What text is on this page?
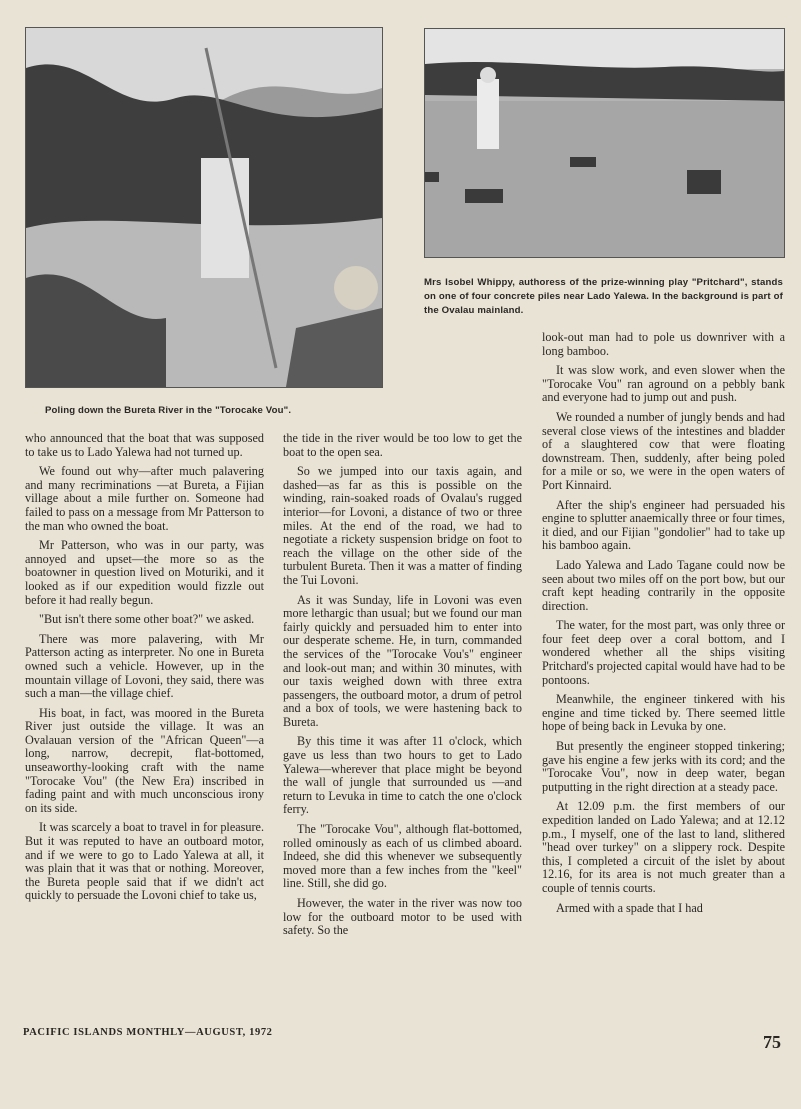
Mrs Isobel Whippy, authoress of the prize-winning play "Pritchard", stands on one of four concrete piles near Lado Yalewa. In the background is part of the Ovalau mainland.
Poling down the Bureta River in the "Torocake Vou".

who announced that the boat that was supposed to take us to Lado Yalewa had not turned up.

We found out why—after much palavering and many recriminations —at Bureta, a Fijian village about a mile further on. Someone had failed to pass on a message from Mr Patterson to the man who owned the boat.

Mr Patterson, who was in our party, was annoyed and upset—the more so as the boatowner in question lived on Moturiki, and it looked as if our expedition would fizzle out before it had really begun.

"But isn't there some other boat?" we asked.

There was more palavering, with Mr Patterson acting as interpreter. No one in Bureta owned such a vehicle. However, up in the mountain village of Lovoni, they said, there was such a man—the village chief.

His boat, in fact, was moored in the Bureta River just outside the village. It was an Ovalauan version of the "African Queen"—a long, narrow, decrepit, flat-bottomed, unseaworthy-looking craft with the name "Torocake Vou" (the New Era) inscribed in fading paint and with much unconscious irony on its side.

It was scarcely a boat to travel in for pleasure. But it was reputed to have an outboard motor, and if we were to go to Lado Yalewa at all, it was plain that it was that or nothing. Moreover, the Bureta people said that if we didn't act quickly to persuade the Lovoni chief to take us,

the tide in the river would be too low to get the boat to the open sea.

So we jumped into our taxis again, and dashed—as far as this is possible on the winding, rain-soaked roads of Ovalau's rugged interior—for Lovoni, a distance of two or three miles. At the end of the road, we had to negotiate a rickety suspension bridge on foot to reach the village on the other side of the turbulent Bureta. Then it was a matter of finding the Tui Lovoni.

As it was Sunday, life in Lovoni was even more lethargic than usual; but we found our man fairly quickly and persuaded him to enter into our desperate scheme. He, in turn, commanded the services of the "Torocake Vou's" engineer and look-out man; and within 30 minutes, with our taxis weighed down with three extra passengers, the outboard motor, a drum of petrol and a box of tools, we were hastening back to Bureta.

By this time it was after 11 o'clock, which gave us less than two hours to get to Lado Yalewa—wherever that place might be beyond the wall of jungle that surrounded us —and return to Levuka in time to catch the one o'clock ferry.

The "Torocake Vou", although flat-bottomed, rolled ominously as each of us climbed aboard. Indeed, she did this whenever we subsequently moved more than a few inches from the "keel" line. Still, she did go.

However, the water in the river was now too low for the outboard motor to be used with safety. So the

look-out man had to pole us downriver with a long bamboo.

It was slow work, and even slower when the "Torocake Vou" ran aground on a pebbly bank and everyone had to jump out and push.

We rounded a number of jungly bends and had several close views of the intestines and bladder of a slaughtered cow that were floating downstream. Then, suddenly, after being poled for a mile or so, we were in the open waters of Port Kinnaird.

After the ship's engineer had persuaded his engine to splutter anaemically three or four times, it died, and our Fijian "gondolier" had to take up his bamboo again.

Lado Yalewa and Lado Tagane could now be seen about two miles off on the port bow, but our craft kept heading contrarily in the opposite direction.

The water, for the most part, was only three or four feet deep over a coral bottom, and I wondered whether all the ships visiting Pritchard's projected capital would have had to be pontoons.

Meanwhile, the engineer tinkered with his engine and time ticked by. There seemed little hope of being back in Levuka by one.

But presently the engineer stopped tinkering; gave his engine a few jerks with its cord; and the "Torocake Vou", now in deep water, began putputting in the right direction at a steady pace.

At 12.09 p.m. the first members of our expedition landed on Lado Yalewa; and at 12.12 p.m., I myself, one of the last to land, slithered "head over turkey" on a slippery rock. Despite this, I completed a circuit of the islet by about 12.16, for its area is not much greater than a couple of tennis courts.

Armed with a spade that I had

PACIFIC ISLANDS MONTHLY—AUGUST, 1972	75
